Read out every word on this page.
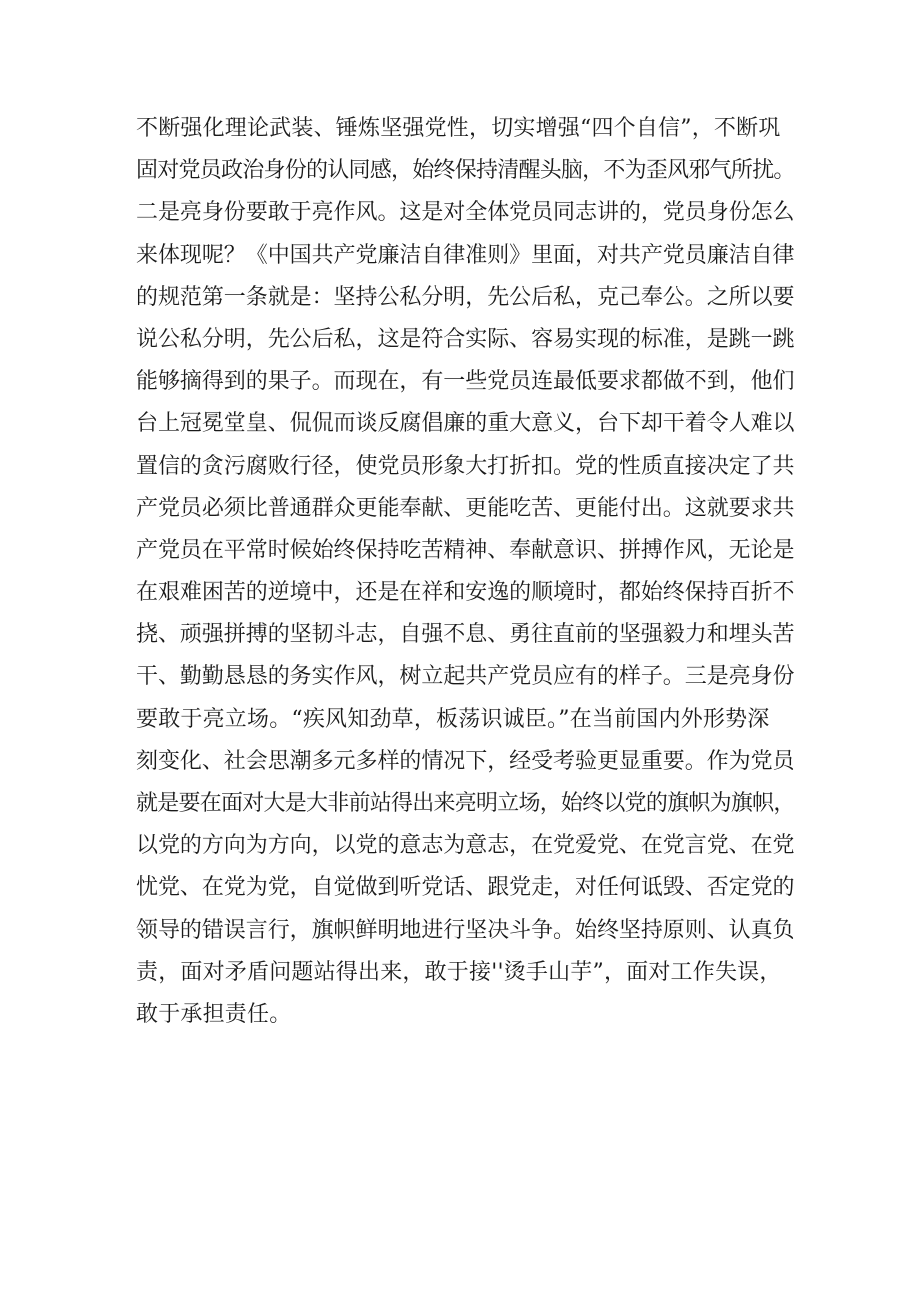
不断强化理论武装、锤炼坚强党性，切实增强“四个自信”，不断巩
固对党员政治身份的认同感，始终保持清醒头脑，不为歪风邪气所扰。
二是亮身份要敢于亮作风。这是对全体党员同志讲的，党员身份怎么
来体现呢？《中国共产党廉洁自律准则》里面，对共产党员廉洁自律
的规范第一条就是：坚持公私分明，先公后私，克己奉公。之所以要
说公私分明，先公后私，这是符合实际、容易实现的标准，是跳一跳
能够摘得到的果子。而现在，有一些党员连最低要求都做不到，他们
台上冠冕堂皇、侃侃而谈反腐倡廉的重大意义，台下却干着令人难以
置信的贪污腐败行径，使党员形象大打折扣。党的性质直接决定了共
产党员必须比普通群众更能奉献、更能吃苦、更能付出。这就要求共
产党员在平常时候始终保持吃苦精神、奉献意识、拼搏作风，无论是
在艰难困苦的逆境中，还是在祥和安逸的顺境时，都始终保持百折不
挠、顽强拼搏的坚韧斗志，自强不息、勇往直前的坚强毅力和埋头苦
干、勤勤恳恳的务实作风，树立起共产党员应有的样子。三是亮身份
要敢于亮立场。“疾风知劲草，板荡识诚臣。”在当前国内外形势深
刻变化、社会思潮多元多样的情况下，经受考验更显重要。作为党员
就是要在面对大是大非前站得出来亮明立场，始终以党的旗帜为旗帜，
以党的方向为方向，以党的意志为意志，在党爱党、在党言党、在党
忧党、在党为党，自觉做到听党话、跟党走，对任何诋毁、否定党的
领导的错误言行，旗帜鲜明地进行坚决斗争。始终坚持原则、认真负
责，面对矛盾问题站得出来，敢于接''烫手山芋”，面对工作失误，
敢于承担责任。
